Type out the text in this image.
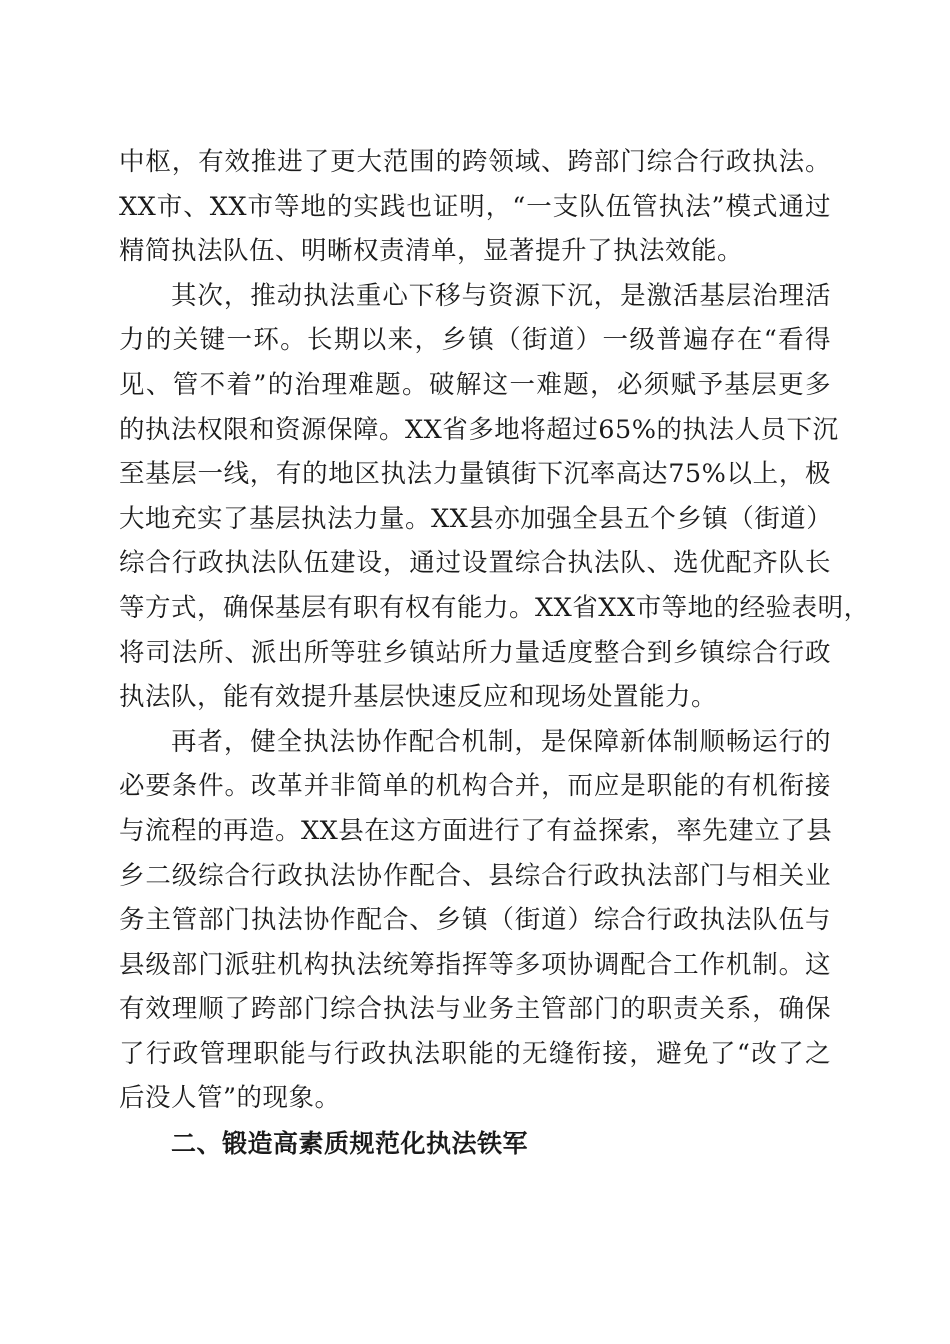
中枢，有效推进了更大范围的跨领域、跨部门综合行政执法。
XX市、XX市等地的实践也证明，“一支队伍管执法”模式通过
精简执法队伍、明晰权责清单，显著提升了执法效能。
其次，推动执法重心下移与资源下沉，是激活基层治理活
力的关键一环。长期以来，乡镇（街道）一级普遍存在“看得
见、管不着”的治理难题。破解这一难题，必须赋予基层更多
的执法权限和资源保障。XX省多地将超过65%的执法人员下沉
至基层一线，有的地区执法力量镇街下沉率高达75%以上，极
大地充实了基层执法力量。XX县亦加强全县五个乡镇（街道）
综合行政执法队伍建设，通过设置综合执法队、选优配齐队长
等方式，确保基层有职有权有能力。XX省XX市等地的经验表明，
将司法所、派出所等驻乡镇站所力量适度整合到乡镇综合行政
执法队，能有效提升基层快速反应和现场处置能力。
再者，健全执法协作配合机制，是保障新体制顺畅运行的
必要条件。改革并非简单的机构合并，而应是职能的有机衔接
与流程的再造。XX县在这方面进行了有益探索，率先建立了县
乡二级综合行政执法协作配合、县综合行政执法部门与相关业
务主管部门执法协作配合、乡镇（街道）综合行政执法队伍与
县级部门派驻机构执法统筹指挥等多项协调配合工作机制。这
有效理顺了跨部门综合执法与业务主管部门的职责关系，确保
了行政管理职能与行政执法职能的无缝衔接，避免了“改了之
后没人管”的现象。
二、锻造高素质规范化执法铁军
